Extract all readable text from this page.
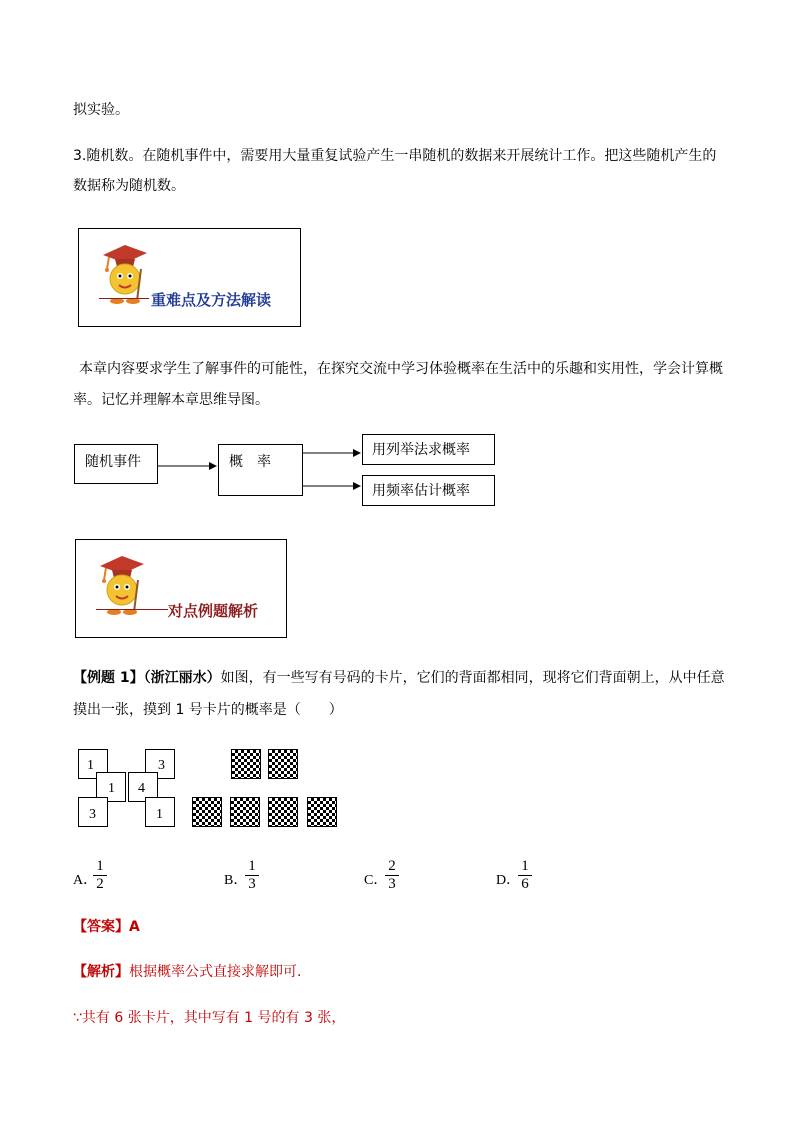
拟实验。
3.随机数。在随机事件中，需要用大量重复试验产生一串随机的数据来开展统计工作。把这些随机产生的
数据称为随机数。
重难点及方法解读
本章内容要求学生了解事件的可能性，在探究交流中学习体验概率在生活中的乐趣和实用性，学会计算概
率。记忆并理解本章思维导图。
随机事件	概　率
用列举法求概率
用频率估计概率
对点例题解析
【例题 1】（浙江丽水）如图，有一些写有号码的卡片，它们的背面都相同，现将它们背面朝上，从中任意
摸出一张，摸到 1 号卡片的概率是（　　）
1	3
1 4
3	1
A．
1
2	B．
1
3	C．
2
3	D．
1
6
【答案】A
【解析】根据概率公式直接求解即可．
∵共有 6 张卡片，其中写有 1 号的有 3 张，
